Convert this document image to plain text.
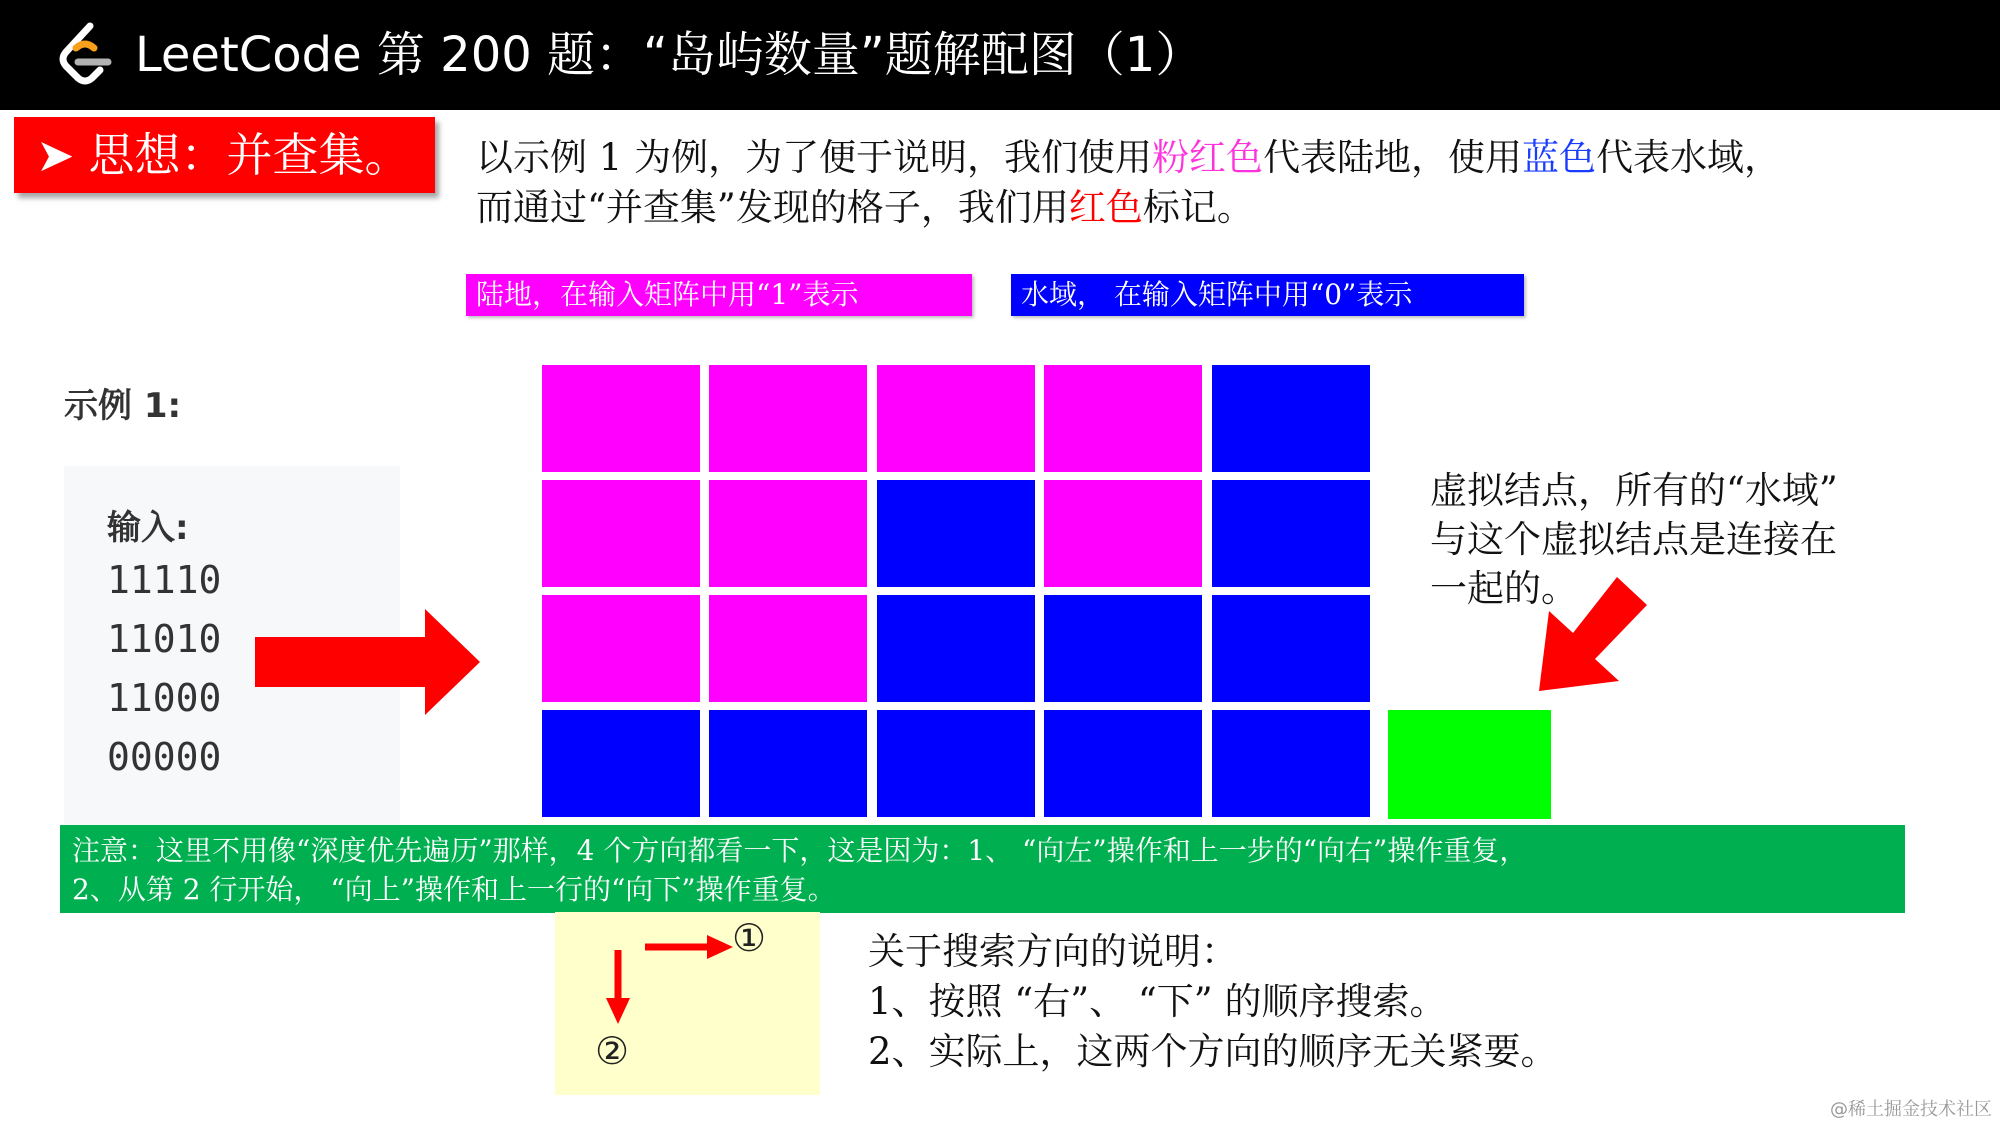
LeetCode 第 200 题：“岛屿数量”题解配图（1）
➤ 思想：并查集。	以示例 1 为例，为了便于说明，我们使用粉红色代表陆地，使用蓝色代表水域，
而通过“并查集”发现的格子，我们用红色标记。
陆地，在输入矩阵中用“1”表示	水域， 在输入矩阵中用“0”表示
示例 1:
输入:
11110
11010
11000
00000
虚拟结点，所有的“水域”
与这个虚拟结点是连接在
一起的。
注意：这里不用像“深度优先遍历”那样，4 个方向都看一下，这是因为：1、 “向左”操作和上一步的“向右”操作重复，
2、从第 2 行开始， “向上”操作和上一行的“向下”操作重复。
①
②
关于搜索方向的说明：
1、按照 “右”、 “下” 的顺序搜索。
2、实际上，这两个方向的顺序无关紧要。
@稀土掘金技术社区
